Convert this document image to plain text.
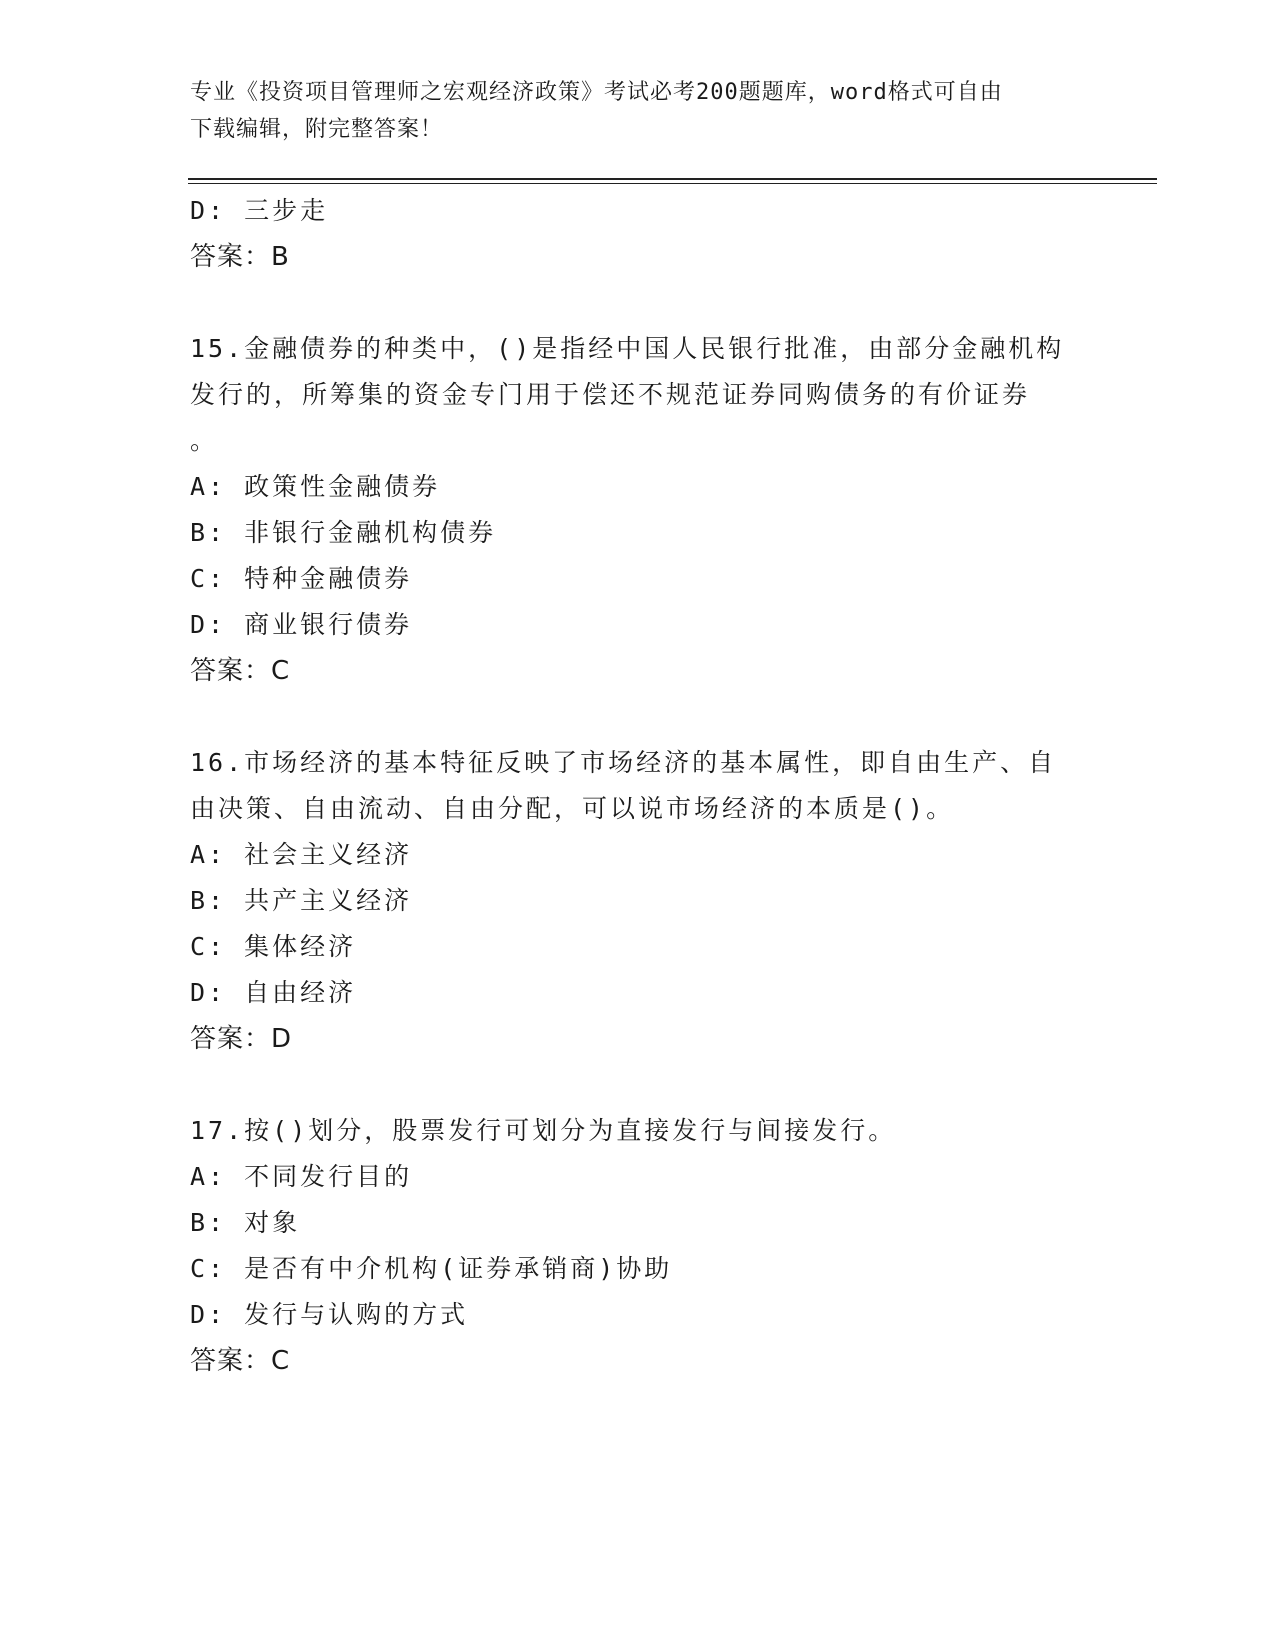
专业《投资项目管理师之宏观经济政策》考试必考200题题库，word格式可自由
下载编辑，附完整答案！
D: 三步走
答案：B
15.金融债券的种类中，()是指经中国人民银行批准，由部分金融机构
发行的，所筹集的资金专门用于偿还不规范证券同购债务的有价证券
。
A: 政策性金融债券
B: 非银行金融机构债券
C: 特种金融债券
D: 商业银行债券
答案：C
16.市场经济的基本特征反映了市场经济的基本属性，即自由生产、自
由决策、自由流动、自由分配，可以说市场经济的本质是()。
A: 社会主义经济
B: 共产主义经济
C: 集体经济
D: 自由经济
答案：D
17.按()划分，股票发行可划分为直接发行与间接发行。
A: 不同发行目的
B: 对象
C: 是否有中介机构(证券承销商)协助
D: 发行与认购的方式
答案：C
